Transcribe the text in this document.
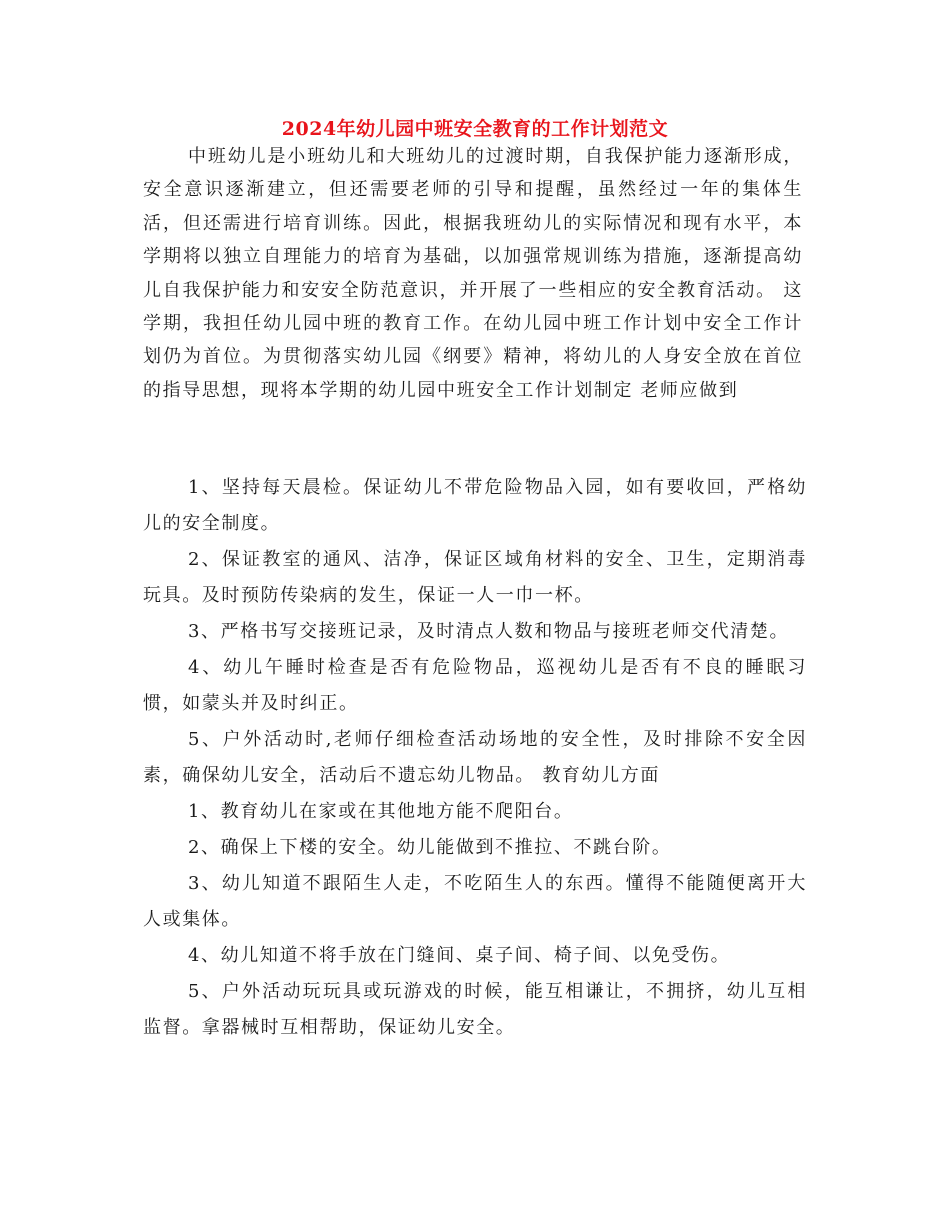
2024年幼儿园中班安全教育的工作计划范文

中班幼儿是小班幼儿和大班幼儿的过渡时期，自我保护能力逐渐形成，安全意识逐渐建立，但还需要老师的引导和提醒，虽然经过一年的集体生活，但还需进行培育训练。因此，根据我班幼儿的实际情况和现有水平，本学期将以独立自理能力的培育为基础，以加强常规训练为措施，逐渐提高幼儿自我保护能力和安安全防范意识，并开展了一些相应的安全教育活动。 这学期，我担任幼儿园中班的教育工作。在幼儿园中班工作计划中安全工作计划仍为首位。为贯彻落实幼儿园《纲要》精神，将幼儿的人身安全放在首位的指导思想，现将本学期的幼儿园中班安全工作计划制定 老师应做到

1、坚持每天晨检。保证幼儿不带危险物品入园，如有要收回，严格幼儿的安全制度。

2、保证教室的通风、洁净，保证区域角材料的安全、卫生，定期消毒玩具。及时预防传染病的发生，保证一人一巾一杯。

3、严格书写交接班记录，及时清点人数和物品与接班老师交代清楚。

4、幼儿午睡时检查是否有危险物品，巡视幼儿是否有不良的睡眠习惯，如蒙头并及时纠正。

5、户外活动时,老师仔细检查活动场地的安全性，及时排除不安全因素，确保幼儿安全，活动后不遗忘幼儿物品。 教育幼儿方面

1、教育幼儿在家或在其他地方能不爬阳台。

2、确保上下楼的安全。幼儿能做到不推拉、不跳台阶。

3、幼儿知道不跟陌生人走，不吃陌生人的东西。懂得不能随便离开大人或集体。

4、幼儿知道不将手放在门缝间、桌子间、椅子间、以免受伤。

5、户外活动玩玩具或玩游戏的时候，能互相谦让，不拥挤，幼儿互相监督。拿器械时互相帮助，保证幼儿安全。
